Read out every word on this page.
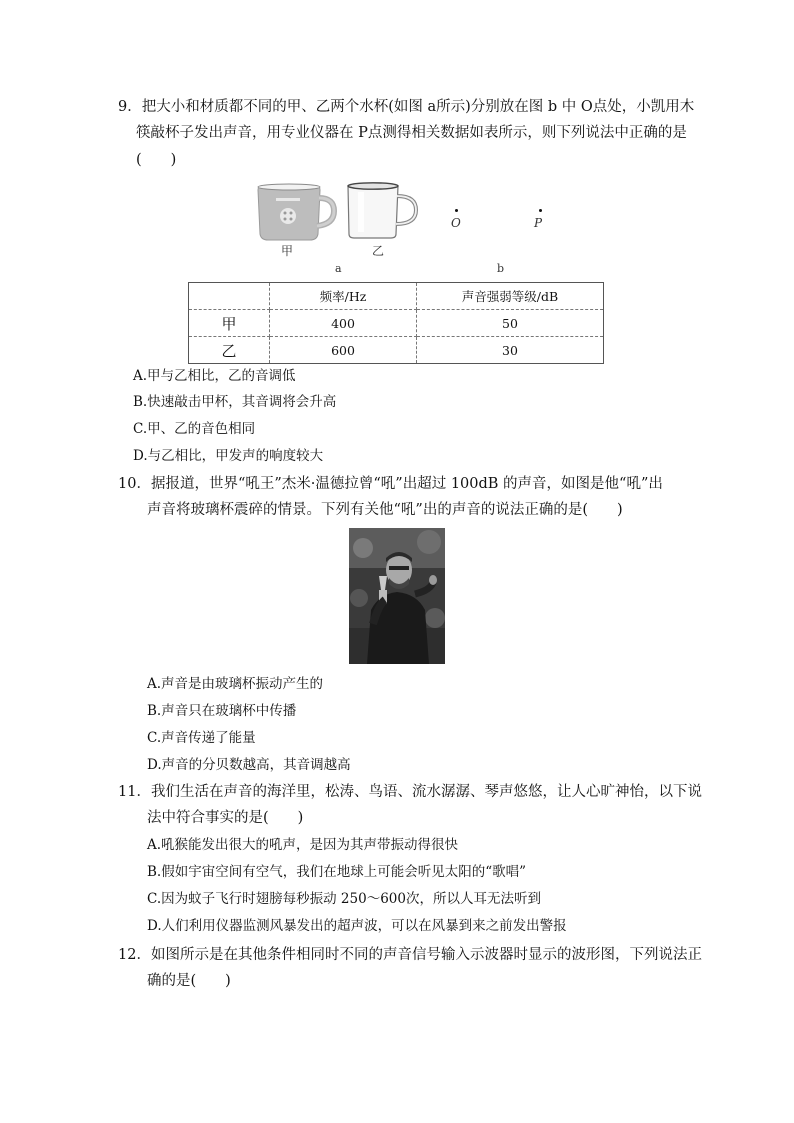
9．把大小和材质都不同的甲、乙两个水杯(如图 a所示)分别放在图 b 中 O点处，小凯用木
筷敲杯子发出声音，用专业仪器在 P点测得相关数据如表所示，则下列说法中正确的是
(　　)
甲	乙
a
O	P
b
	频率/Hz	声音强弱等级/dB
甲	400	50
乙	600	30
A.甲与乙相比，乙的音调低
B.快速敲击甲杯，其音调将会升高
C.甲、乙的音色相同
D.与乙相比，甲发声的响度较大
10．据报道，世界“吼王”杰米·温德拉曾“吼”出超过 100dB 的声音，如图是他“吼”出
声音将玻璃杯震碎的情景。下列有关他“吼”出的声音的说法正确的是(　　)
A.声音是由玻璃杯振动产生的
B.声音只在玻璃杯中传播
C.声音传递了能量
D.声音的分贝数越高，其音调越高
11．我们生活在声音的海洋里，松涛、鸟语、流水潺潺、琴声悠悠，让人心旷神怡，以下说
法中符合事实的是(　　)
A.吼猴能发出很大的吼声，是因为其声带振动得很快
B.假如宇宙空间有空气，我们在地球上可能会听见太阳的“歌唱”
C.因为蚊子飞行时翅膀每秒振动 250～600次，所以人耳无法听到
D.人们利用仪器监测风暴发出的超声波，可以在风暴到来之前发出警报
12．如图所示是在其他条件相同时不同的声音信号输入示波器时显示的波形图，下列说法正
确的是(　　)
